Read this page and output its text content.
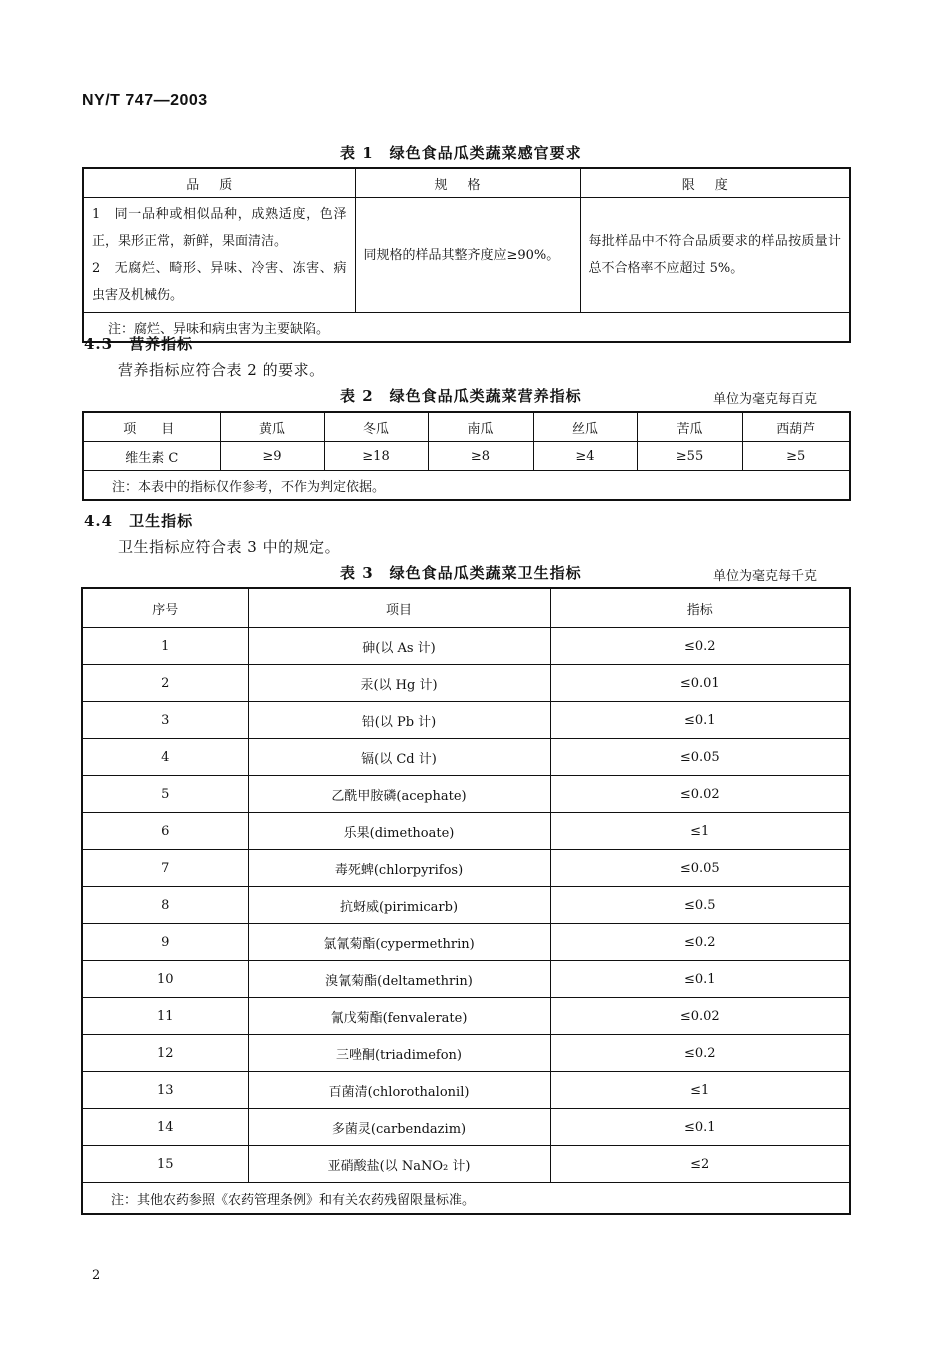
NY/T 747—2003
表 1　绿色食品瓜类蔬菜感官要求
品质	规格	限度

1　同一品种或相似品种，成熟适度，色泽正，果形正常，新鲜，果面清洁。
2　无腐烂、畸形、异味、冷害、冻害、病虫害及机械伤。	同规格的样品其整齐度应≥90%。	每批样品中不符合品质要求的样品按质量计总不合格率不应超过 5%。
注：腐烂、异味和病虫害为主要缺陷。		
4.3　营养指标
营养指标应符合表 2 的要求。
表 2　绿色食品瓜类蔬菜营养指标	单位为毫克每百克
项　目	黄瓜	冬瓜	南瓜	丝瓜	苦瓜	西葫芦
维生素 C	≥9	≥18	≥8	≥4	≥55	≥5
注：本表中的指标仅作参考，不作为判定依据。						
4.4　卫生指标
卫生指标应符合表 3 中的规定。
表 3　绿色食品瓜类蔬菜卫生指标	单位为毫克每千克
序号	项目	指标
1	砷(以 As 计)	≤0.2
2	汞(以 Hg 计)	≤0.01
3	铅(以 Pb 计)	≤0.1
4	镉(以 Cd 计)	≤0.05
5	乙酰甲胺磷(acephate)	≤0.02
6	乐果(dimethoate)	≤1
7	毒死蜱(chlorpyrifos)	≤0.05
8	抗蚜威(pirimicarb)	≤0.5
9	氯氰菊酯(cypermethrin)	≤0.2
10	溴氰菊酯(deltamethrin)	≤0.1
11	氰戊菊酯(fenvalerate)	≤0.02
12	三唑酮(triadimefon)	≤0.2
13	百菌清(chlorothalonil)	≤1
14	多菌灵(carbendazim)	≤0.1
15	亚硝酸盐(以 NaNO₂ 计)	≤2
注：其他农药参照《农药管理条例》和有关农药残留限量标准。		
2
